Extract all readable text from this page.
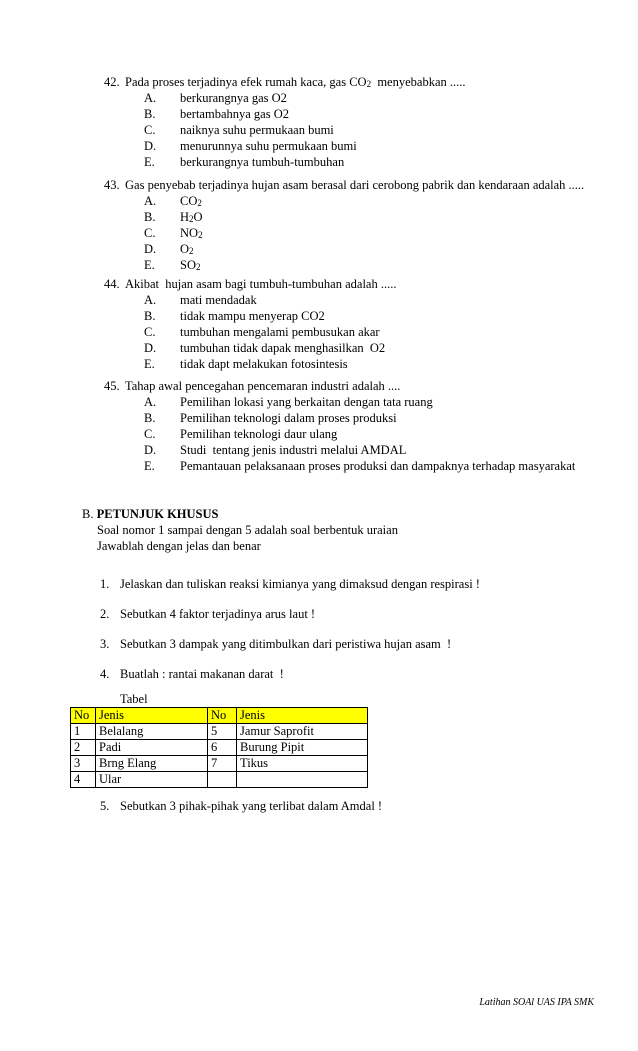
42. Pada proses terjadinya efek rumah kaca, gas $CO_2$  menyebabkan .....
A. berkurangnya gas O2
B. bertambahnya gas O2
C. naiknya suhu permukaan bumi
D. menurunnya suhu permukaan bumi
E. berkurangnya tumbuh-tumbuhan
43. Gas penyebab terjadinya hujan asam berasal dari cerobong pabrik dan kendaraan adalah .....
A. $CO_2$
B. $H_2O$
C. $NO_2$
D. $O_2$
E. $SO_2$
44. Akibat  hujan asam bagi tumbuh-tumbuhan adalah .....
A. mati mendadak
B. tidak mampu menyerap CO2
C. tumbuhan mengalami pembusukan akar
D. tumbuhan tidak dapak menghasilkan  O2
E. tidak dapt melakukan fotosintesis
45. Tahap awal pencegahan pencemaran industri adalah ....
A. Pemilihan lokasi yang berkaitan dengan tata ruang
B. Pemilihan teknologi dalam proses produksi
C. Pemilihan teknologi daur ulang
D. Studi  tentang jenis industri melalui AMDAL
E. Pemantauan pelaksanaan proses produksi dan dampaknya terhadap masyarakat
B. PETUNJUK KHUSUS
Soal nomor 1 sampai dengan 5 adalah soal berbentuk uraian
Jawablah dengan jelas dan benar
1. Jelaskan dan tuliskan reaksi kimianya yang dimaksud dengan respirasi !
2. Sebutkan 4 faktor terjadinya arus laut !
3. Sebutkan 3 dampak yang ditimbulkan dari peristiwa hujan asam  !
4. Buatlah : rantai makanan darat  !
Tabel
No	Jenis	No	Jenis
1	Belalang	5	Jamur Saprofit
2	Padi	6	Burung Pipit
3	Brng Elang	7	Tikus
4	Ular		
5. Sebutkan 3 pihak-pihak yang terlibat dalam Amdal !
Latihan SOAl UAS IPA SMK
